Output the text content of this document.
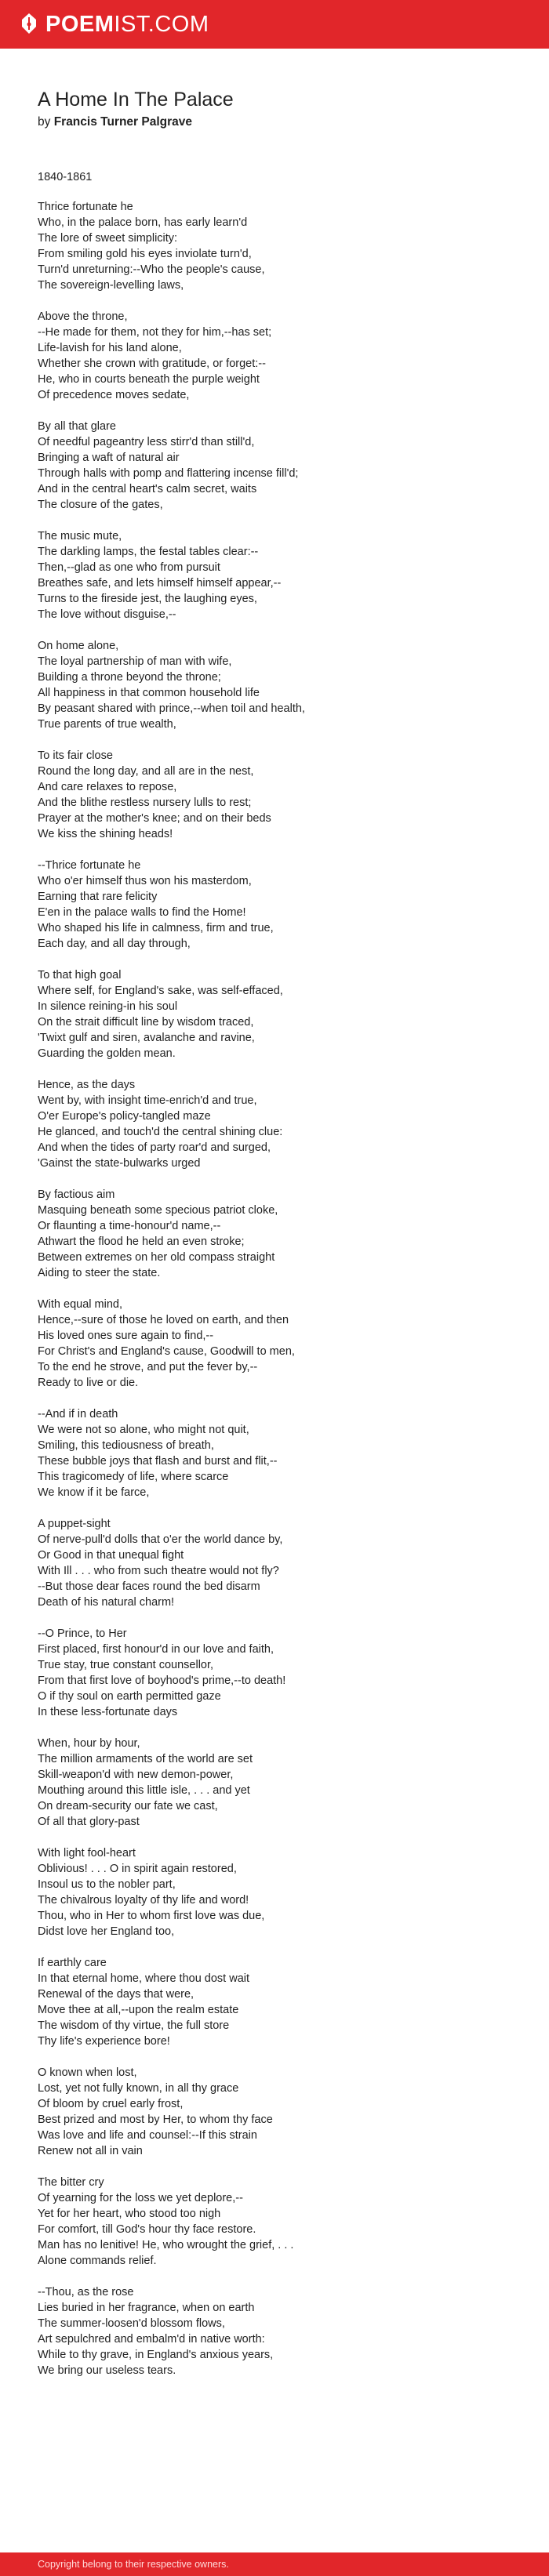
POEMIST.COM
A Home In The Palace
by Francis Turner Palgrave
1840-1861
Thrice fortunate he
Who, in the palace born, has early learn'd
The lore of sweet simplicity:
From smiling gold his eyes inviolate turn'd,
Turn'd unreturning:--Who the people's cause,
The sovereign-levelling laws,
Above the throne,
--He made for them, not they for him,--has set;
Life-lavish for his land alone,
Whether she crown with gratitude, or forget:--
He, who in courts beneath the purple weight
Of precedence moves sedate,
By all that glare
Of needful pageantry less stirr'd than still'd,
Bringing a waft of natural air
Through halls with pomp and flattering incense fill'd;
And in the central heart's calm secret, waits
The closure of the gates,
The music mute,
The darkling lamps, the festal tables clear:--
Then,--glad as one who from pursuit
Breathes safe, and lets himself himself appear,--
Turns to the fireside jest, the laughing eyes,
The love without disguise,--
On home alone,
The loyal partnership of man with wife,
Building a throne beyond the throne;
All happiness in that common household life
By peasant shared with prince,--when toil and health,
True parents of true wealth,
To its fair close
Round the long day, and all are in the nest,
And care relaxes to repose,
And the blithe restless nursery lulls to rest;
Prayer at the mother's knee; and on their beds
We kiss the shining heads!
--Thrice fortunate he
Who o'er himself thus won his masterdom,
Earning that rare felicity
E'en in the palace walls to find the Home!
Who shaped his life in calmness, firm and true,
Each day, and all day through,
To that high goal
Where self, for England's sake, was self-effaced,
In silence reining-in his soul
On the strait difficult line by wisdom traced,
'Twixt gulf and siren, avalanche and ravine,
Guarding the golden mean.
Hence, as the days
Went by, with insight time-enrich'd and true,
O'er Europe's policy-tangled maze
He glanced, and touch'd the central shining clue:
And when the tides of party roar'd and surged,
'Gainst the state-bulwarks urged
By factious aim
Masquing beneath some specious patriot cloke,
Or flaunting a time-honour'd name,--
Athwart the flood he held an even stroke;
Between extremes on her old compass straight
Aiding to steer the state.
With equal mind,
Hence,--sure of those he loved on earth, and then
His loved ones sure again to find,--
For Christ's and England's cause, Goodwill to men,
To the end he strove, and put the fever by,--
Ready to live or die.
--And if in death
We were not so alone, who might not quit,
Smiling, this tediousness of breath,
These bubble joys that flash and burst and flit,--
This tragicomedy of life, where scarce
We know if it be farce,
A puppet-sight
Of nerve-pull'd dolls that o'er the world dance by,
Or Good in that unequal fight
With Ill . . . who from such theatre would not fly?
--But those dear faces round the bed disarm
Death of his natural charm!
--O Prince, to Her
First placed, first honour'd in our love and faith,
True stay, true constant counsellor,
From that first love of boyhood's prime,--to death!
O if thy soul on earth permitted gaze
In these less-fortunate days
When, hour by hour,
The million armaments of the world are set
Skill-weapon'd with new demon-power,
Mouthing around this little isle, . . . and yet
On dream-security our fate we cast,
Of all that glory-past
With light fool-heart
Oblivious! . . . O in spirit again restored,
Insoul us to the nobler part,
The chivalrous loyalty of thy life and word!
Thou, who in Her to whom first love was due,
Didst love her England too,
If earthly care
In that eternal home, where thou dost wait
Renewal of the days that were,
Move thee at all,--upon the realm estate
The wisdom of thy virtue, the full store
Thy life's experience bore!
O known when lost,
Lost, yet not fully known, in all thy grace
Of bloom by cruel early frost,
Best prized and most by Her, to whom thy face
Was love and life and counsel:--If this strain
Renew not all in vain
The bitter cry
Of yearning for the loss we yet deplore,--
Yet for her heart, who stood too nigh
For comfort, till God's hour thy face restore.
Man has no lenitive! He, who wrought the grief, . . .
Alone commands relief.
--Thou, as the rose
Lies buried in her fragrance, when on earth
The summer-loosen'd blossom flows,
Art sepulchred and embalm'd in native worth:
While to thy grave, in England's anxious years,
We bring our useless tears.
Copyright belong to their respective owners.
